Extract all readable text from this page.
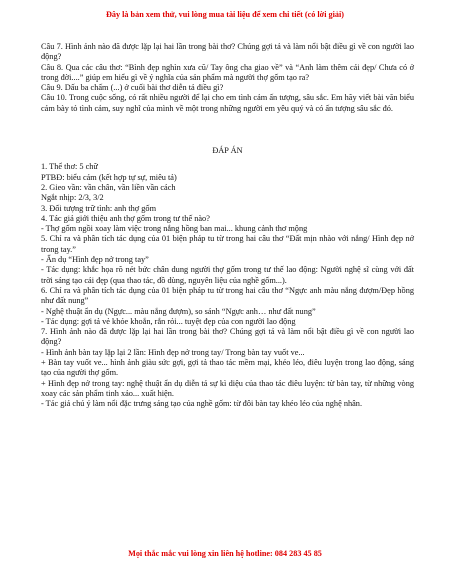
Đây là bản xem thử, vui lòng mua tài liệu để xem chi tiết (có lời giải)

Câu 7. Hình ảnh nào đã được lặp lại hai lần trong bài thơ? Chúng gợi tả và làm nổi bật điều gì về con người lao động?

Câu 8. Qua các câu thơ: “Bình đẹp nghìn xưa cũ/ Tay ông cha giao về” và “Anh làm thêm cái đẹp/ Chưa có ở trong đời....” giúp em hiểu gì về ý nghĩa của sản phẩm mà người thợ gốm tạo ra?

Câu 9. Dấu ba chấm (...) ở cuối bài thơ diễn tả điều gì?

Câu 10. Trong cuộc sống, có rất nhiều người để lại cho em tình cảm ấn tượng, sâu sắc. Em hãy viết bài văn biểu cảm bày tỏ tình cảm, suy nghĩ của mình về một trong những người em yêu quý và có ấn tượng sâu sắc đó.

ĐÁP ÁN

1. Thể thơ: 5 chữ

PTBĐ: biểu cảm (kết hợp tự sự, miêu tả)

2. Gieo vần: vần chân, vần liền vần cách

Ngắt nhịp: 2/3, 3/2

3. Đối tượng trữ tình: anh thợ gốm

4. Tác giả giới thiệu anh thợ gốm trong tư thế nào?

- Thợ gốm ngồi xoay làm việc trong nắng hồng ban mai... khung cảnh thơ mộng

5. Chỉ ra và phân tích tác dụng của 01 biện pháp tu từ trong hai câu thơ “Đất mịn nhào với nắng/ Hình đẹp nở trong tay.”

- Ẩn dụ “Hình đẹp nở trong tay”

- Tác dụng: khắc họa rõ nét bức chân dung người thợ gốm trong tư thế lao động: Người nghệ sĩ cùng với đất trời sáng tạo cái đẹp (qua thao tác, đồ dùng, nguyên liệu của nghề gốm...).

6. Chỉ ra và phân tích tác dụng của 01 biện pháp tu từ trong hai câu thơ “Ngực anh màu nắng đượm/Đẹp hồng như đất nung”

- Nghệ thuật ẩn dụ (Ngực... màu nắng đượm), so sánh “Ngực anh… như đất nung”

- Tác dụng: gợi tả vẻ khỏe khoắn, rắn rỏi... tuyệt đẹp của con người lao động

7. Hình ảnh nào đã được lặp lại hai lần trong bài thơ? Chúng gợi tả và làm nổi bật điều gì về con người lao động?

- Hình ảnh bàn tay lặp lại 2 lần: Hình đẹp nở trong tay/ Trong bàn tay vuốt ve...

+ Bàn tay vuốt ve... hình ảnh giàu sức gợi, gợi tả thao tác mềm mại, khéo léo, điêu luyện trong lao động, sáng tạo của người thợ gốm.

+ Hình đẹp nở trong tay: nghệ thuật ẩn dụ diễn tả sự kì diệu của thao tác điêu luyện: từ bàn tay, từ những vòng xoay các sản phẩm tinh xảo... xuất hiện.

- Tác giả chú ý làm nổi đặc trưng sáng tạo của nghề gốm: từ đôi bàn tay khéo léo của nghệ nhân.

Mọi thắc mắc vui lòng xin liên hệ hotline: 084 283 45 85
